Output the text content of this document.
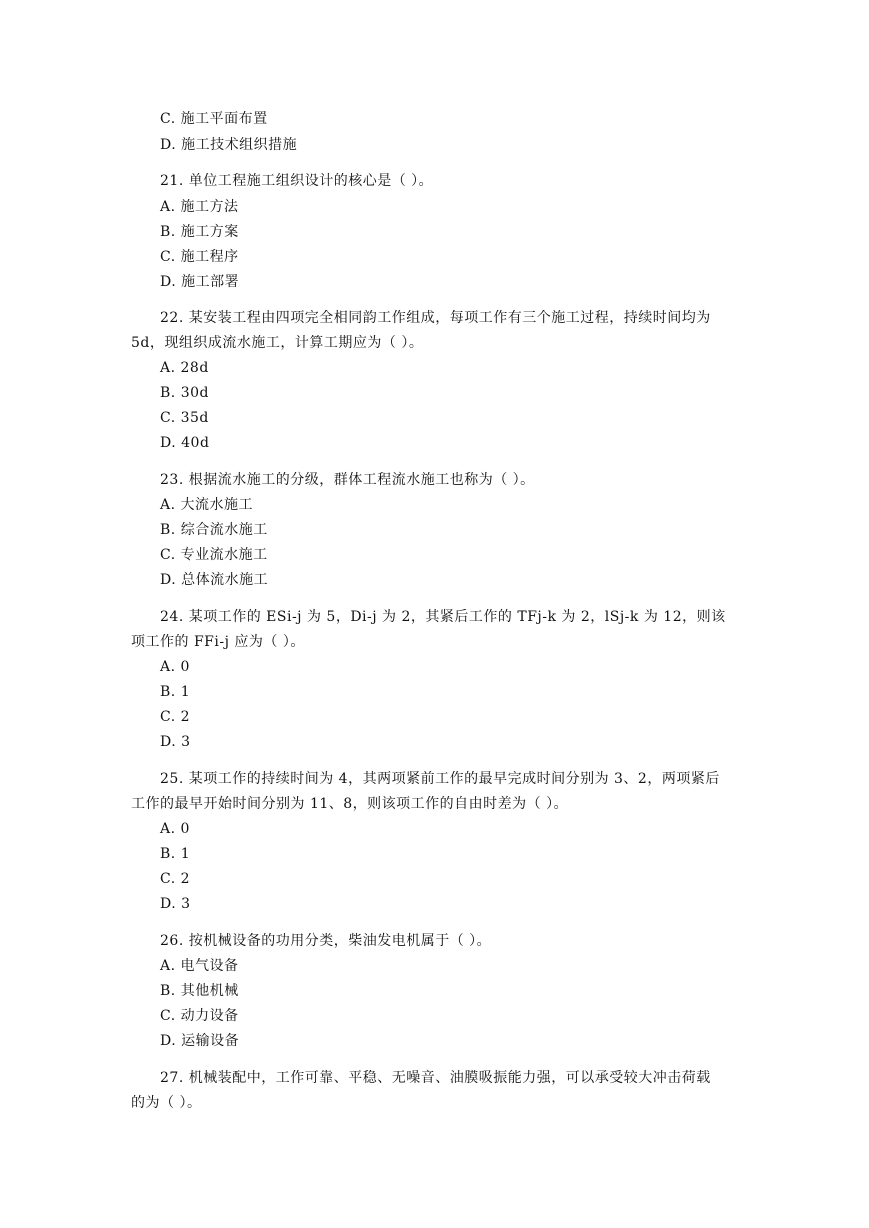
C. 施工平面布置
D. 施工技术组织措施
21. 单位工程施工组织设计的核心是（ ）。
A. 施工方法
B. 施工方案
C. 施工程序
D. 施工部署
22. 某安装工程由四项完全相同韵工作组成，每项工作有三个施工过程，持续时间均为
5d，现组织成流水施工，计算工期应为（ ）。
A. 28d
B. 30d
C. 35d
D. 40d
23. 根据流水施工的分级，群体工程流水施工也称为（ ）。
A. 大流水施工
B. 综合流水施工
C. 专业流水施工
D. 总体流水施工
24. 某项工作的 ESi-j 为 5，Di-j 为 2，其紧后工作的 TFj-k 为 2，lSj-k 为 12，则该
项工作的 FFi-j 应为（ ）。
A. 0
B. 1
C. 2
D. 3
25. 某项工作的持续时间为 4，其两项紧前工作的最早完成时间分别为 3、2，两项紧后
工作的最早开始时间分别为 11、8，则该项工作的自由时差为（ ）。
A. 0
B. 1
C. 2
D. 3
26. 按机械设备的功用分类，柴油发电机属于（ ）。
A. 电气设备
B. 其他机械
C. 动力设备
D. 运输设备
27. 机械装配中，工作可靠、平稳、无噪音、油膜吸振能力强，可以承受较大冲击荷载
的为（ ）。
